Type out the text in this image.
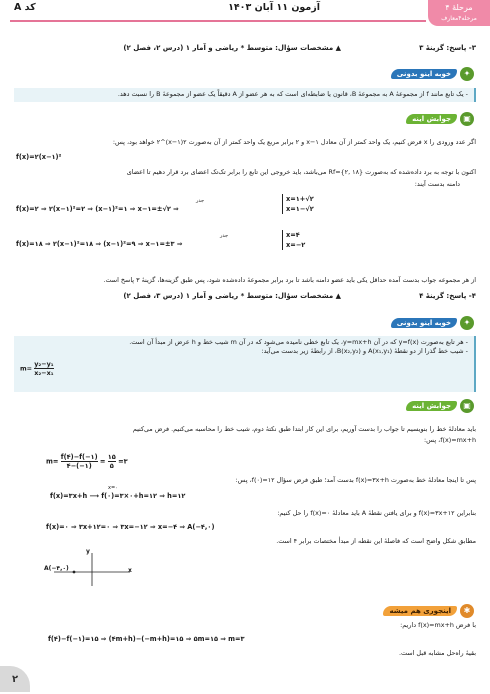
مرحلهٔ ۴
مرحله۴معارف
آزمون ۱۱ آبان ۱۴۰۳
کد A
۳- پاسخ: گزینهٔ ۳
▲ مشخصات سؤال: متوسط * ریاضی و آمار ۱ (درس ۲، فصل ۲)
✦
خوبه اینو بدونی
- یک تابع مانند f از مجموعهٔ A به مجموعهٔ B، قانون یا ضابطه‌ای است که به هر عضو از A دقیقاً یک عضو از مجموعهٔ B را نسبت دهد.
▣
جوابش اینه
اگر عدد ورودی را x فرض کنیم، یک واحد کمتر از آن معادل x−۱ و ۲ برابر مربع یک واحد کمتر از آن به‌صورت ۲(x−۱)^۲ خواهد بود، پس:
f(x)=۲(x−۱)²
اکنون با توجه به برد داده‌شده که به‌صورت Rf={۲, ۱۸} می‌باشد، باید خروجی این تابع را برابر تک‌تک اعضای برد قرار دهیم تا اعضای
دامنه بدست آیند:
f(x)=۲ ⇒ ۲(x−۱)²=۲ ⇒ (x−۱)²=۱ ⇒ x−۱=±√۲ ⇒
جذر	x=۱+√۲
x=۱−√۲
f(x)=۱۸ ⇒ ۲(x−۱)²=۱۸ ⇒ (x−۱)²=۹ ⇒ x−۱=±۳ ⇒
جذر	x=۴
x=−۲
از هر مجموعه جواب بدست آمده حداقل یکی باید عضو دامنه باشد تا برد برابر مجموعهٔ داده‌شده شود، پس طبق گزینه‌ها، گزینهٔ ۳ پاسخ است.
۴- پاسخ: گزینهٔ ۴
▲ مشخصات سؤال: متوسط * ریاضی و آمار ۱ (درس ۳، فصل ۲)
✦
خوبه اینو بدونی
- هر تابع به‌صورت y=f(x) که در آن y=mx+h، یک تابع خطی نامیده می‌شود که در آن m شیب خط و h عرض از مبدأ آن است.
- شیب خط گذرا از دو نقطهٔ A(x₁,y₁) و B(x₂,y₂)، از رابطهٔ زیر بدست می‌آید:
$m= \frac{\text{y₂−y₁}}{\text{x₂−x₁}}$
▣
جوابش اینه
باید معادلهٔ خط را بنویسیم تا جواب را بدست آوریم، برای این کار ابتدا طبق نکتهٔ دوم، شیب خط را محاسبه می‌کنیم. فرض می‌کنیم
f(x)=mx+h، پس:
$m= \frac{f(۴)-f(-۱)}{۴-(-۱)} = \frac{۱۵}{۵}$ =۳
پس تا اینجا معادلهٔ خط به‌صورت f(x)=۳x+h بدست آمد؛ طبق فرض سؤال f(۰)=۱۲، پس:
f(x)=۳x+h ⟶ f(۰)=۳×۰+h=۱۲ ⇒ h=۱۲
x=۰
بنابراین f(x)=۳x+۱۲ و برای یافتن نقطهٔ A باید معادلهٔ f(x)=۰ را حل کنیم:
f(x)=۰ ⇒ ۳x+۱۲=۰ ⇒ ۳x=−۱۲ ⇒ x=−۴ ⇒ A(−۴,۰)
مطابق شکل واضح است که فاصلهٔ این نقطه از مبدأ مختصات برابر ۴ است.
A(−۴,۰)	x
y
✱
اینجوری هم میشه
با فرض f(x)=mx+h داریم:
f(۴)−f(−۱)=۱۵ ⇒ (۴m+h)−(−m+h)=۱۵ ⇒ ۵m=۱۵ ⇒ m=۳
بقیهٔ راه‌حل مشابه قبل است.
۲
